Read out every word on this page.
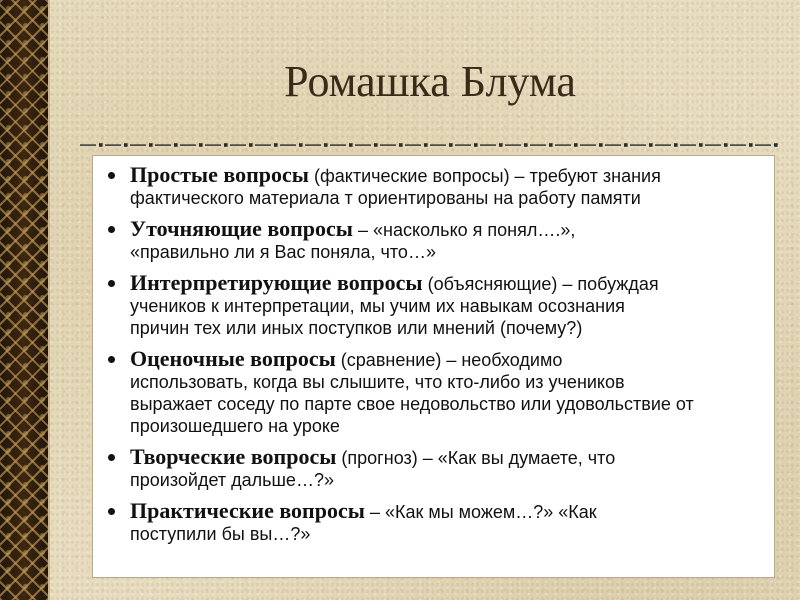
Ромашка Блума
Простые вопросы (фактические вопросы) – требуют знания
фактического материала т ориентированы на работу памяти
Уточняющие вопросы – «насколько я понял….»,
«правильно ли я Вас поняла, что…»
Интерпретирующие вопросы (объясняющие) – побуждая
учеников к интерпретации, мы учим их навыкам осознания
причин тех или иных поступков или мнений (почему?)
Оценочные вопросы (сравнение) – необходимо
использовать, когда вы слышите, что кто-либо из учеников
выражает соседу по парте свое недовольство или удовольствие от
произошедшего на уроке
Творческие вопросы (прогноз) – «Как вы думаете, что
произойдет дальше…?»
Практические вопросы – «Как мы можем…?» «Как
поступили бы вы…?»
